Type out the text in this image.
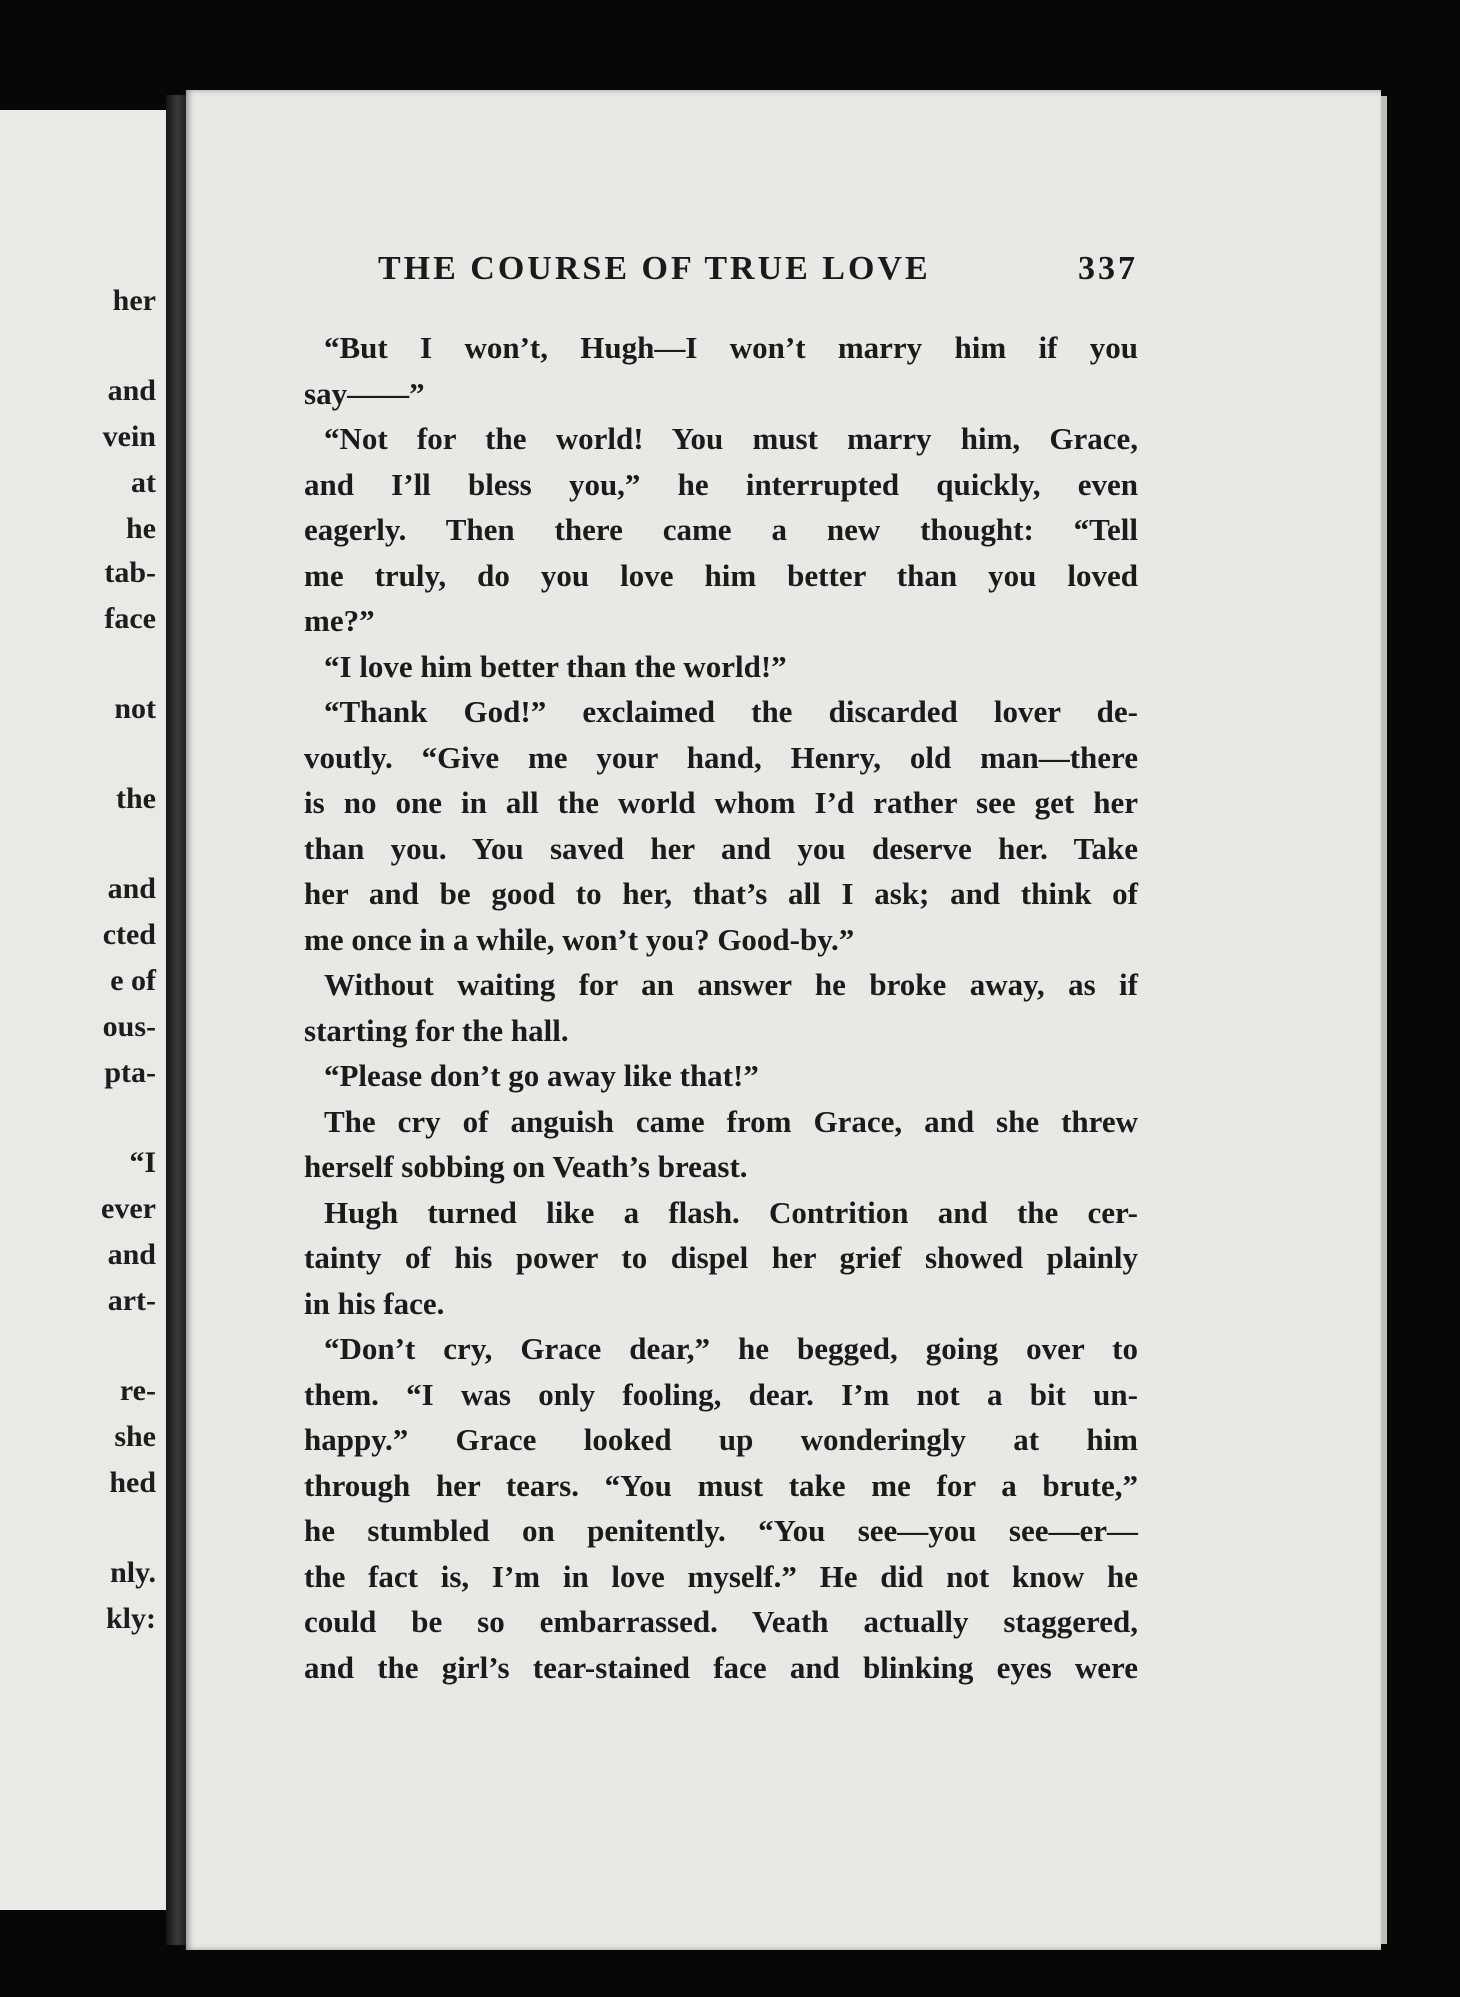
her
and
vein
at
he
tab-
face
not
the
and
cted
e of
ous-
pta-
“I
ever
and
art-
re-
she
hed
nly.
kly:
THE COURSE OF TRUE LOVE	337
“But I won’t, Hugh—I won’t marry him if you
say——”
“Not for the world! You must marry him, Grace,
and I’ll bless you,” he interrupted quickly, even
eagerly. Then there came a new thought: “Tell
me truly, do you love him better than you loved
me?”
“I love him better than the world!”
“Thank God!” exclaimed the discarded lover de-
voutly. “Give me your hand, Henry, old man—there
is no one in all the world whom I’d rather see get her
than you. You saved her and you deserve her. Take
her and be good to her, that’s all I ask; and think of
me once in a while, won’t you? Good-by.”
Without waiting for an answer he broke away, as if
starting for the hall.
“Please don’t go away like that!”
The cry of anguish came from Grace, and she threw
herself sobbing on Veath’s breast.
Hugh turned like a flash. Contrition and the cer-
tainty of his power to dispel her grief showed plainly
in his face.
“Don’t cry, Grace dear,” he begged, going over to
them. “I was only fooling, dear. I’m not a bit un-
happy.” Grace looked up wonderingly at him
through her tears. “You must take me for a brute,”
he stumbled on penitently. “You see—you see—er—
the fact is, I’m in love myself.” He did not know he
could be so embarrassed. Veath actually staggered,
and the girl’s tear-stained face and blinking eyes were
